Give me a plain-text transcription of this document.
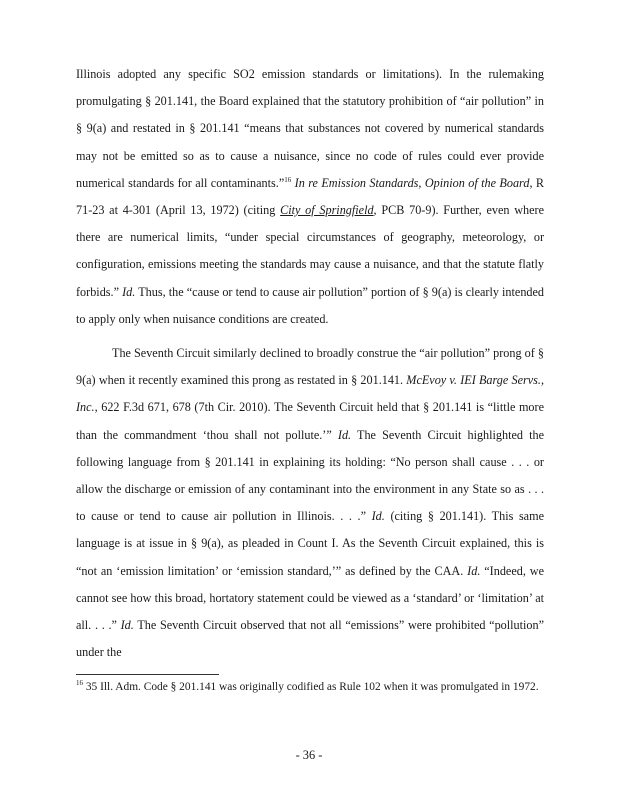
Illinois adopted any specific SO2 emission standards or limitations). In the rulemaking promulgating § 201.141, the Board explained that the statutory prohibition of “air pollution” in § 9(a) and restated in § 201.141 “means that substances not covered by numerical standards may not be emitted so as to cause a nuisance, since no code of rules could ever provide numerical standards for all contaminants.”$^{16}$ In re Emission Standards, Opinion of the Board, R 71-23 at 4-301 (April 13, 1972) (citing City of Springfield, PCB 70-9). Further, even where there are numerical limits, “under special circumstances of geography, meteorology, or configuration, emissions meeting the standards may cause a nuisance, and that the statute flatly forbids.” Id. Thus, the “cause or tend to cause air pollution” portion of § 9(a) is clearly intended to apply only when nuisance conditions are created.

The Seventh Circuit similarly declined to broadly construe the “air pollution” prong of § 9(a) when it recently examined this prong as restated in § 201.141. McEvoy v. IEI Barge Servs., Inc., 622 F.3d 671, 678 (7th Cir. 2010). The Seventh Circuit held that § 201.141 is “little more than the commandment ‘thou shall not pollute.’” Id. The Seventh Circuit highlighted the following language from § 201.141 in explaining its holding: “No person shall cause . . . or allow the discharge or emission of any contaminant into the environment in any State so as . . . to cause or tend to cause air pollution in Illinois. . . .” Id. (citing § 201.141). This same language is at issue in § 9(a), as pleaded in Count I. As the Seventh Circuit explained, this is “not an ‘emission limitation’ or ‘emission standard,’” as defined by the CAA. Id. “Indeed, we cannot see how this broad, hortatory statement could be viewed as a ‘standard’ or ‘limitation’ at all. . . .” Id. The Seventh Circuit observed that not all “emissions” were prohibited “pollution” under the

$^{16}$ 35 Ill. Adm. Code § 201.141 was originally codified as Rule 102 when it was promulgated in 1972.
- 36 -
